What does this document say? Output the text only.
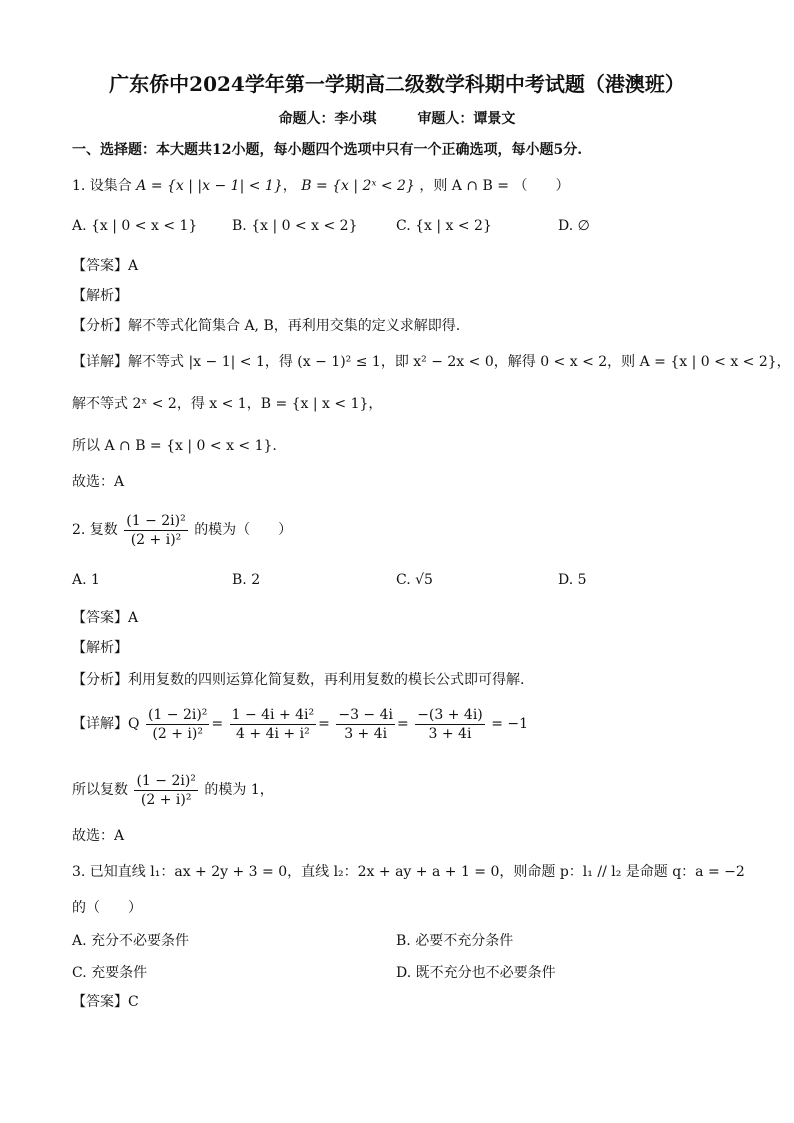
广东侨中2024学年第一学期高二级数学科期中考试题（港澳班）
命题人：李小琪	审题人：谭景文
一、选择题：本大题共12小题，每小题四个选项中只有一个正确选项，每小题5分.
1. 设集合 A = {x | |x − 1| < 1}， B = {x | 2ˣ < 2} ，则 A ∩ B = （　　）
A. {x | 0 < x < 1} B. {x | 0 < x < 2}	C. {x | x < 2}	D. ∅
【答案】A
【解析】
【分析】解不等式化简集合 A, B，再利用交集的定义求解即得.
【详解】解不等式 |x − 1| < 1，得 (x − 1)² ≤ 1，即 x² − 2x < 0，解得 0 < x < 2，则 A = {x | 0 < x < 2}，
解不等式 2ˣ < 2，得 x < 1，B = {x | x < 1}，
所以 A ∩ B = {x | 0 < x < 1}.
故选：A
2. 复数 $\frac{\text{(1 − 2i)²}}{\text{(2 + i)²}}$ 的模为（　　）
A. 1	B. 2	C. √5	D. 5
【答案】A
【解析】
【分析】利用复数的四则运算化简复数，再利用复数的模长公式即可得解.
【详解】Q $\frac{\text{(1 − 2i)²}}{\text{(2 + i)²}} = \frac{\text{1 − 4i + 4i²}}{\text{4 + 4i + i²}} = \frac{-3 - 4i}{3 + 4i} = \frac{-(3 + 4i)}{3 + 4i} = -1$
所以复数 $\frac{\text{(1 − 2i)²}}{\text{(2 + i)²}}$ 的模为 1，
故选：A
3. 已知直线 l₁：ax + 2y + 3 = 0，直线 l₂：2x + ay + a + 1 = 0，则命题 p：l₁ // l₂ 是命题 q：a = −2
的（　　）
A. 充分不必要条件	B. 必要不充分条件
C. 充要条件	D. 既不充分也不必要条件
【答案】C
